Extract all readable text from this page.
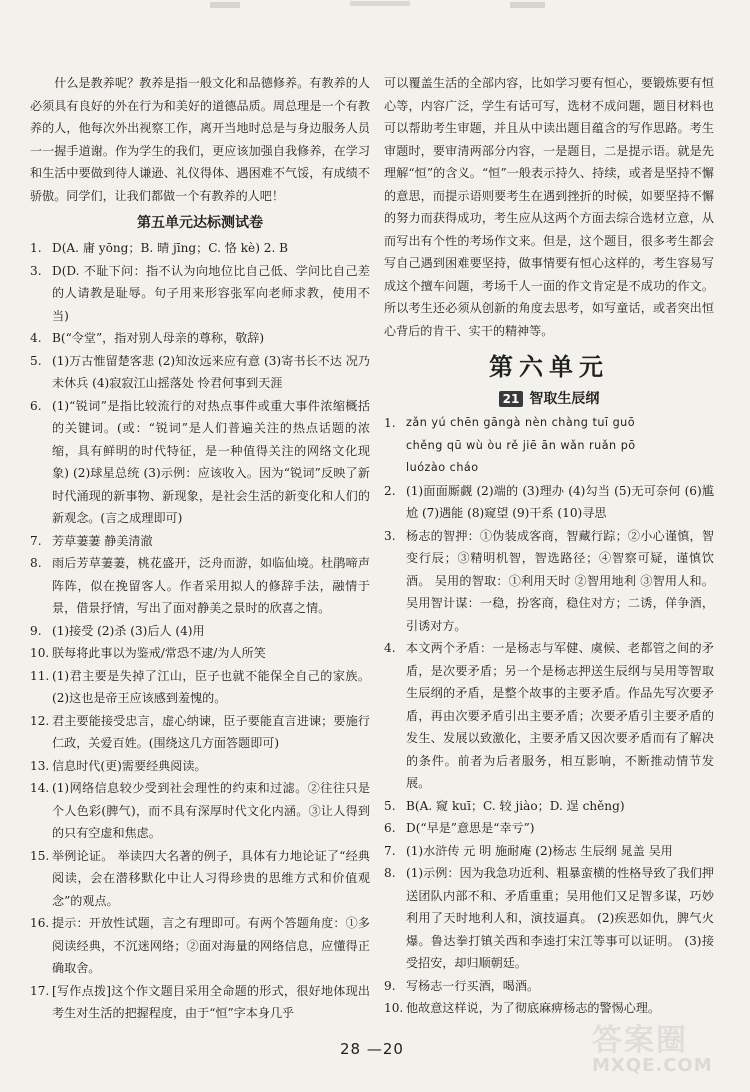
什么是教养呢？教养是指一般文化和品德修养。有教养的人必须具有良好的外在行为和美好的道德品质。周总理是一个有教养的人，他每次外出视察工作，离开当地时总是与身边服务人员一一握手道谢。作为学生的我们，更应该加强自我修养，在学习和生活中要做到待人谦逊、礼仪得体、遇困难不气馁，有成绩不骄傲。同学们，让我们都做一个有教养的人吧！

第五单元达标测试卷
1. D(A. 庸 yōng；B. 晴 jīng；C. 恪 kè) 2. B
3. D(D. 不耻下问：指不认为向地位比自己低、学问比自己差的人请教是耻辱。句子用来形容张军向老师求教，使用不当)
4. B(“令堂”，指对别人母亲的尊称，敬辞)
5. (1)万古惟留楚客悲 (2)知汝远来应有意 (3)寄书长不达 况乃未休兵 (4)寂寂江山摇落处 怜君何事到天涯
6. (1)“锐词”是指比较流行的对热点事件或重大事件浓缩概括的关键词。(或：“锐词”是人们普遍关注的热点话题的浓缩，具有鲜明的时代特征，是一种值得关注的网络文化现象) (2)球星总统 (3)示例：应该收入。因为“锐词”反映了新时代涌现的新事物、新现象，是社会生活的新变化和人们的新观念。(言之成理即可)
7. 芳草萋萋 静美清澈
8. 雨后芳草萋萋，桃花盛开，泛舟而游，如临仙境。杜鹃啼声阵阵，似在挽留客人。作者采用拟人的修辞手法，融情于景，借景抒情，写出了面对静美之景时的欣喜之情。
9. (1)接受 (2)杀 (3)后人 (4)用
10. 朕每将此事以为鉴戒/常恐不逮/为人所笑
11. (1)君主要是失掉了江山，臣子也就不能保全自己的家族。 (2)这也是帝王应该感到羞愧的。
12. 君主要能接受忠言，虚心纳谏，臣子要能直言进谏；要施行仁政，关爱百姓。(围绕这几方面答题即可)
13. 信息时代(更)需要经典阅读。
14. (1)网络信息较少受到社会理性的约束和过滤。②往往只是个人色彩(脾气)，而不具有深厚时代文化内涵。③让人得到的只有空虚和焦虑。
15. 举例论证。 举读四大名著的例子，具体有力地论证了“经典阅读，会在潜移默化中让人习得珍贵的思维方式和价值观念”的观点。
16. 提示：开放性试题，言之有理即可。有两个答题角度：①多阅读经典，不沉迷网络；②面对海量的网络信息，应懂得正确取舍。
17. [写作点拨]这个作文题目采用全命题的形式，很好地体现出考生对生活的把握程度，由于“恒”字本身几乎

可以覆盖生活的全部内容，比如学习要有恒心，要锻炼要有恒心等，内容广泛，学生有话可写，选材不成问题，题目材料也可以帮助考生审题，并且从中读出题目蕴含的写作思路。考生审题时，要审清两部分内容，一是题目，二是提示语。就是先理解“恒”的含义。“恒”一般表示持久、持续，或者是坚持不懈的意思，而提示语则要考生在遇到挫折的时候，如要坚持不懈的努力而获得成功，考生应从这两个方面去综合选材立意，从而写出有个性的考场作文来。但是，这个题目，很多考生都会写自己遇到困难要坚持，做事情要有恒心这样的，考生容易写成这个擅车问题，考场千人一面的作文肯定是不成功的作文。所以考生还必须从创新的角度去思考，如写童话，或者突出恒心背后的肯干、实干的精神等。

第六单元
21 智取生辰纲
1. zǎn yú chēn gāngà nèn chàng tuī guō
chěng qū wù òu rě jiē ān wǎn ruǎn pō
luózào cháo
2. (1)面面厮觑 (2)端的 (3)理办 (4)勾当 (5)无可奈何 (6)尴尬 (7)遇能 (8)窥望 (9)干系 (10)寻思
3. 杨志的智押：①伪装成客商，智藏行踪；②小心谨慎，智变行辰；③精明机智，智选路径；④智察可疑，谨慎饮酒。 吴用的智取：①利用天时 ②智用地利 ③智用人和。 吴用智计谋：一稳，扮客商，稳住对方；二诱，佯争酒，引诱对方。
4. 本文两个矛盾：一是杨志与军健、虞候、老都管之间的矛盾，是次要矛盾；另一个是杨志押送生辰纲与吴用等智取生辰纲的矛盾，是整个故事的主要矛盾。作品先写次要矛盾，再由次要矛盾引出主要矛盾；次要矛盾引主要矛盾的发生、发展以致激化，主要矛盾又因次要矛盾而有了解决的条件。前者为后者服务，相互影响，不断推动情节发展。
5. B(A. 窥 kuī；C. 较 jiào；D. 逞 chěng)
6. D(“早是”意思是“幸亏”)
7. (1)水浒传 元 明 施耐庵 (2)杨志 生辰纲 晁盖 吴用
8. (1)示例：因为我急功近利、粗暴蛮横的性格导致了我们押送团队内部不和、矛盾重重；吴用他们又足智多谋，巧妙利用了天时地利人和，演技逼真。 (2)疾恶如仇，脾气火爆。鲁达拳打镇关西和李逵打宋江等事可以证明。 (3)接受招安，却归顺朝廷。
9. 写杨志一行买酒，喝酒。
10. 他故意这样说，为了彻底麻痹杨志的警惕心理。
28 —20	答案圈
MXQE.COM
